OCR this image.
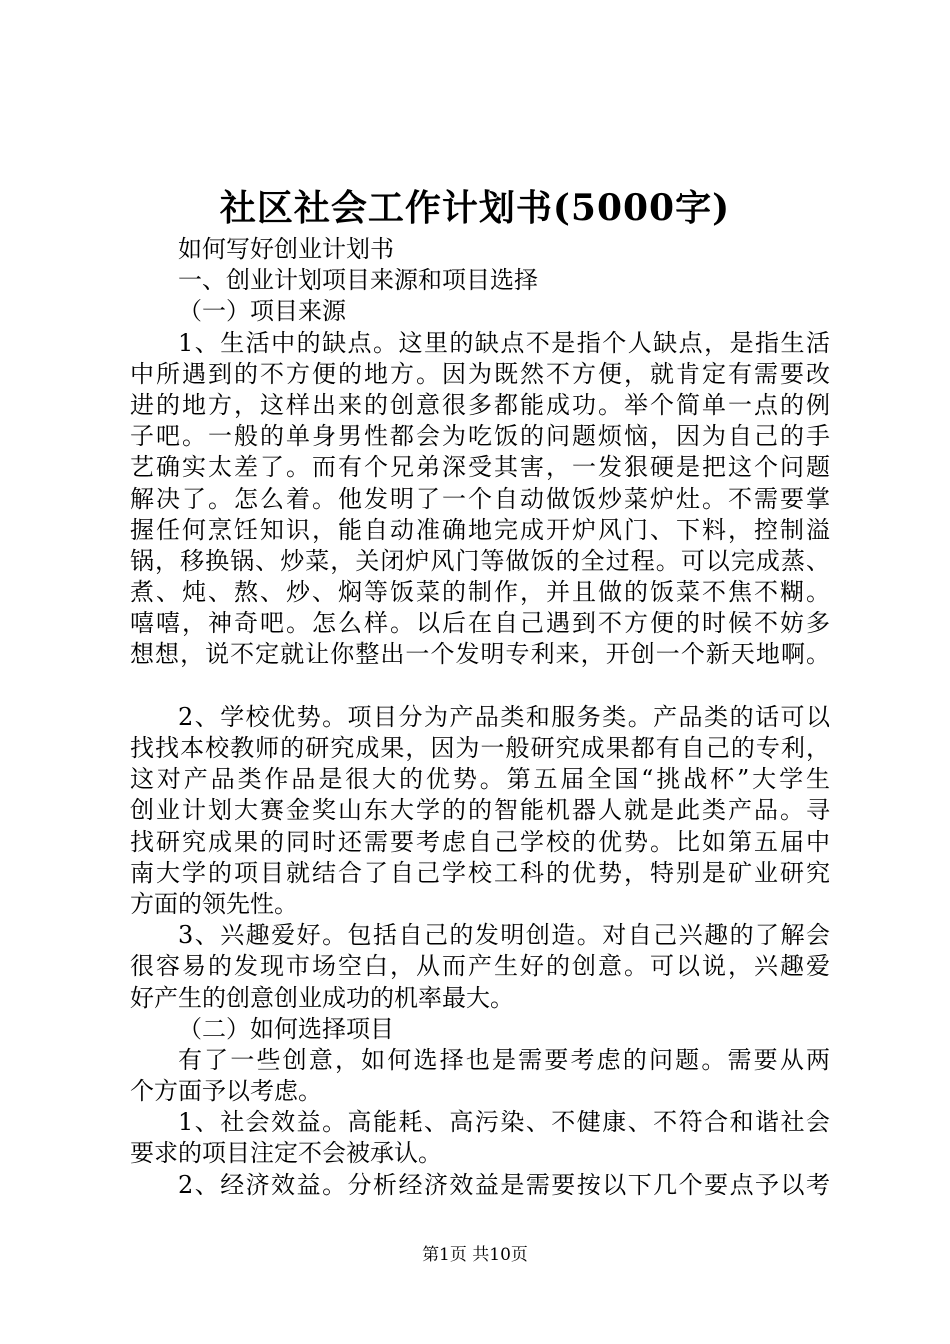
社区社会工作计划书(5000字)
如何写好创业计划书
一、创业计划项目来源和项目选择
（一）项目来源
1、生活中的缺点。这里的缺点不是指个人缺点，是指生活
中所遇到的不方便的地方。因为既然不方便，就肯定有需要改
进的地方，这样出来的创意很多都能成功。举个简单一点的例
子吧。一般的单身男性都会为吃饭的问题烦恼，因为自己的手
艺确实太差了。而有个兄弟深受其害，一发狠硬是把这个问题
解决了。怎么着。他发明了一个自动做饭炒菜炉灶。不需要掌
握任何烹饪知识，能自动准确地完成开炉风门、下料，控制溢
锅，移换锅、炒菜，关闭炉风门等做饭的全过程。可以完成蒸、
煮、炖、熬、炒、焖等饭菜的制作，并且做的饭菜不焦不糊。
嘻嘻，神奇吧。怎么样。以后在自己遇到不方便的时候不妨多
想想，说不定就让你整出一个发明专利来，开创一个新天地啊。
2、学校优势。项目分为产品类和服务类。产品类的话可以
找找本校教师的研究成果，因为一般研究成果都有自己的专利，
这对产品类作品是很大的优势。第五届全国“挑战杯”大学生
创业计划大赛金奖山东大学的的智能机器人就是此类产品。寻
找研究成果的同时还需要考虑自己学校的优势。比如第五届中
南大学的项目就结合了自己学校工科的优势，特别是矿业研究
方面的领先性。
3、兴趣爱好。包括自己的发明创造。对自己兴趣的了解会
很容易的发现市场空白，从而产生好的创意。可以说，兴趣爱
好产生的创意创业成功的机率最大。
（二）如何选择项目
有了一些创意，如何选择也是需要考虑的问题。需要从两
个方面予以考虑。
1、社会效益。高能耗、高污染、不健康、不符合和谐社会
要求的项目注定不会被承认。
2、经济效益。分析经济效益是需要按以下几个要点予以考
第1页 共10页
